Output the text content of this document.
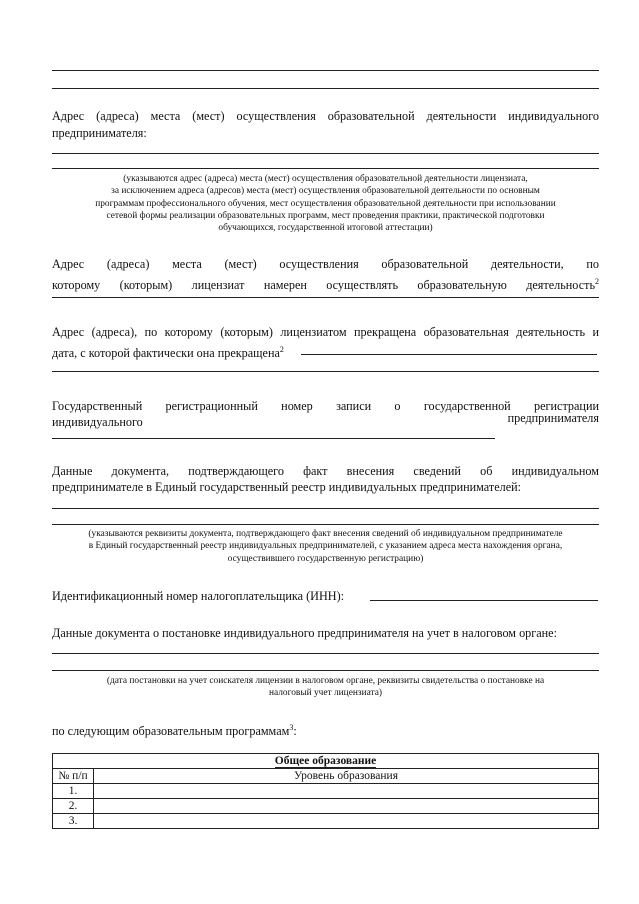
Адрес (адреса) места (мест) осуществления образовательной деятельности индивидуального предпринимателя:
(указываются адрес (адреса) места (мест) осуществления образовательной деятельности лицензиата,
за исключением адреса (адресов) места (мест) осуществления образовательной деятельности по основным
программам профессионального обучения, мест осуществления образовательной деятельности при использовании
сетевой формы реализации образовательных программ, мест проведения практики, практической подготовки
обучающихся, государственной итоговой аттестации)
Адрес (адреса) места (мест) осуществления образовательной деятельности, по
которому (которым) лицензиат намерен осуществлять образовательную деятельность$^2$
Адрес (адреса), по которому (которым) лицензиатом прекращена образовательная деятельность и
дата, с которой фактически она прекращена$^2$
Государственный регистрационный номер записи о государственной регистрации
индивидуального	предпринимателя
Данные документа, подтверждающего факт внесения сведений об индивидуальном
предпринимателе в Единый государственный реестр индивидуальных предпринимателей:
(указываются реквизиты документа, подтверждающего факт внесения сведений об индивидуальном предпринимателе
в Единый государственный реестр индивидуальных предпринимателей, с указанием адреса места нахождения органа,
осуществившего государственную регистрацию)
Идентификационный номер налогоплательщика (ИНН):
Данные документа о постановке индивидуального предпринимателя на учет в налоговом органе:
(дата постановки на учет соискателя лицензии в налоговом органе, реквизиты свидетельства о постановке на
налоговый учет лицензиата)
по следующим образовательным программам$^3$:
Общее образование	
№ п/п	Уровень образования
1.	
2.	
3.	
